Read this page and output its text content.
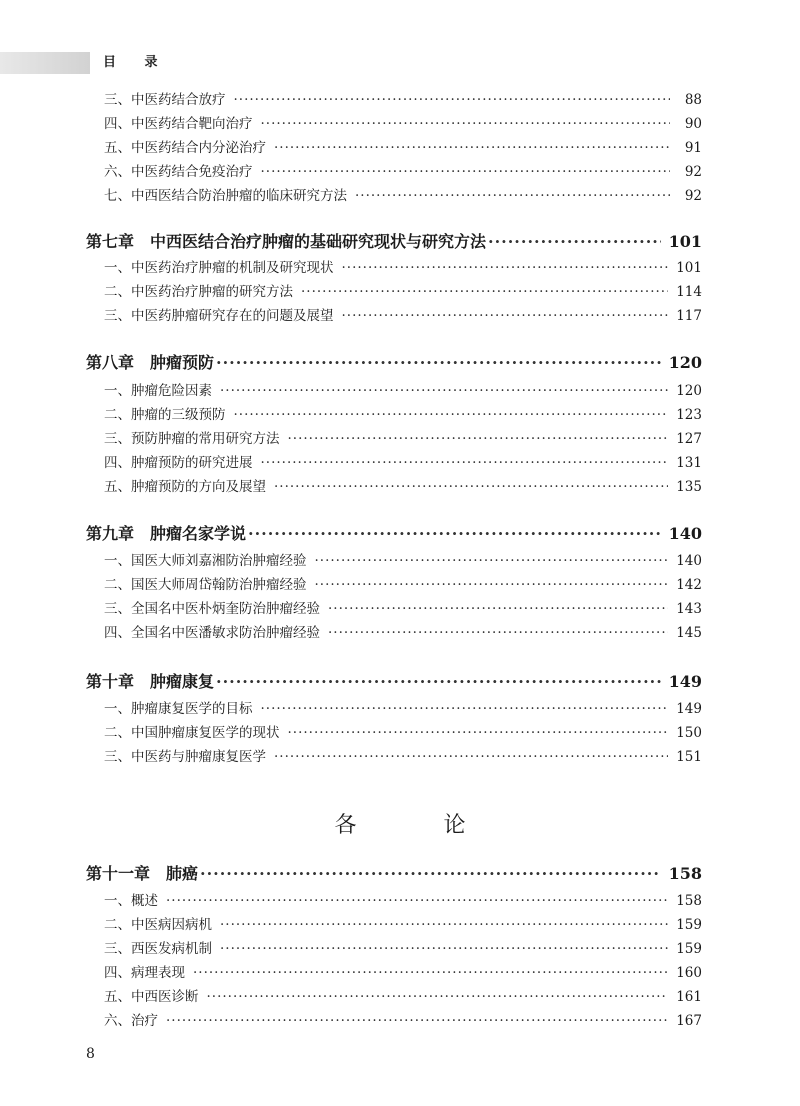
目 录
三、中医药结合放疗 ·····	88
四、中医药结合靶向治疗 ·····	90
五、中医药结合内分泌治疗 ·····	91
六、中医药结合免疫治疗 ·····	92
七、中西医结合防治肿瘤的临床研究方法 ·····	92
第七章　中西医结合治疗肿瘤的基础研究现状与研究方法 ·····	101
一、中医药治疗肿瘤的机制及研究现状 ·····	101
二、中医药治疗肿瘤的研究方法 ·····	114
三、中医药肿瘤研究存在的问题及展望 ·····	117
第八章　肿瘤预防 ·····	120
一、肿瘤危险因素 ·····	120
二、肿瘤的三级预防 ·····	123
三、预防肿瘤的常用研究方法 ·····	127
四、肿瘤预防的研究进展 ·····	131
五、肿瘤预防的方向及展望 ·····	135
第九章　肿瘤名家学说 ·····	140
一、国医大师刘嘉湘防治肿瘤经验 ·····	140
二、国医大师周岱翰防治肿瘤经验 ·····	142
三、全国名中医朴炳奎防治肿瘤经验 ·····	143
四、全国名中医潘敏求防治肿瘤经验 ·····	145
第十章　肿瘤康复 ·····	149
一、肿瘤康复医学的目标 ·····	149
二、中国肿瘤康复医学的现状 ·····	150
三、中医药与肿瘤康复医学 ·····	151
第十一章　肺癌 ·····	158
一、概述 ·····	158
二、中医病因病机 ·····	159
三、西医发病机制 ·····	159
四、病理表现 ·····	160
五、中西医诊断 ·····	161
六、治疗 ·····	167
各 论
8
